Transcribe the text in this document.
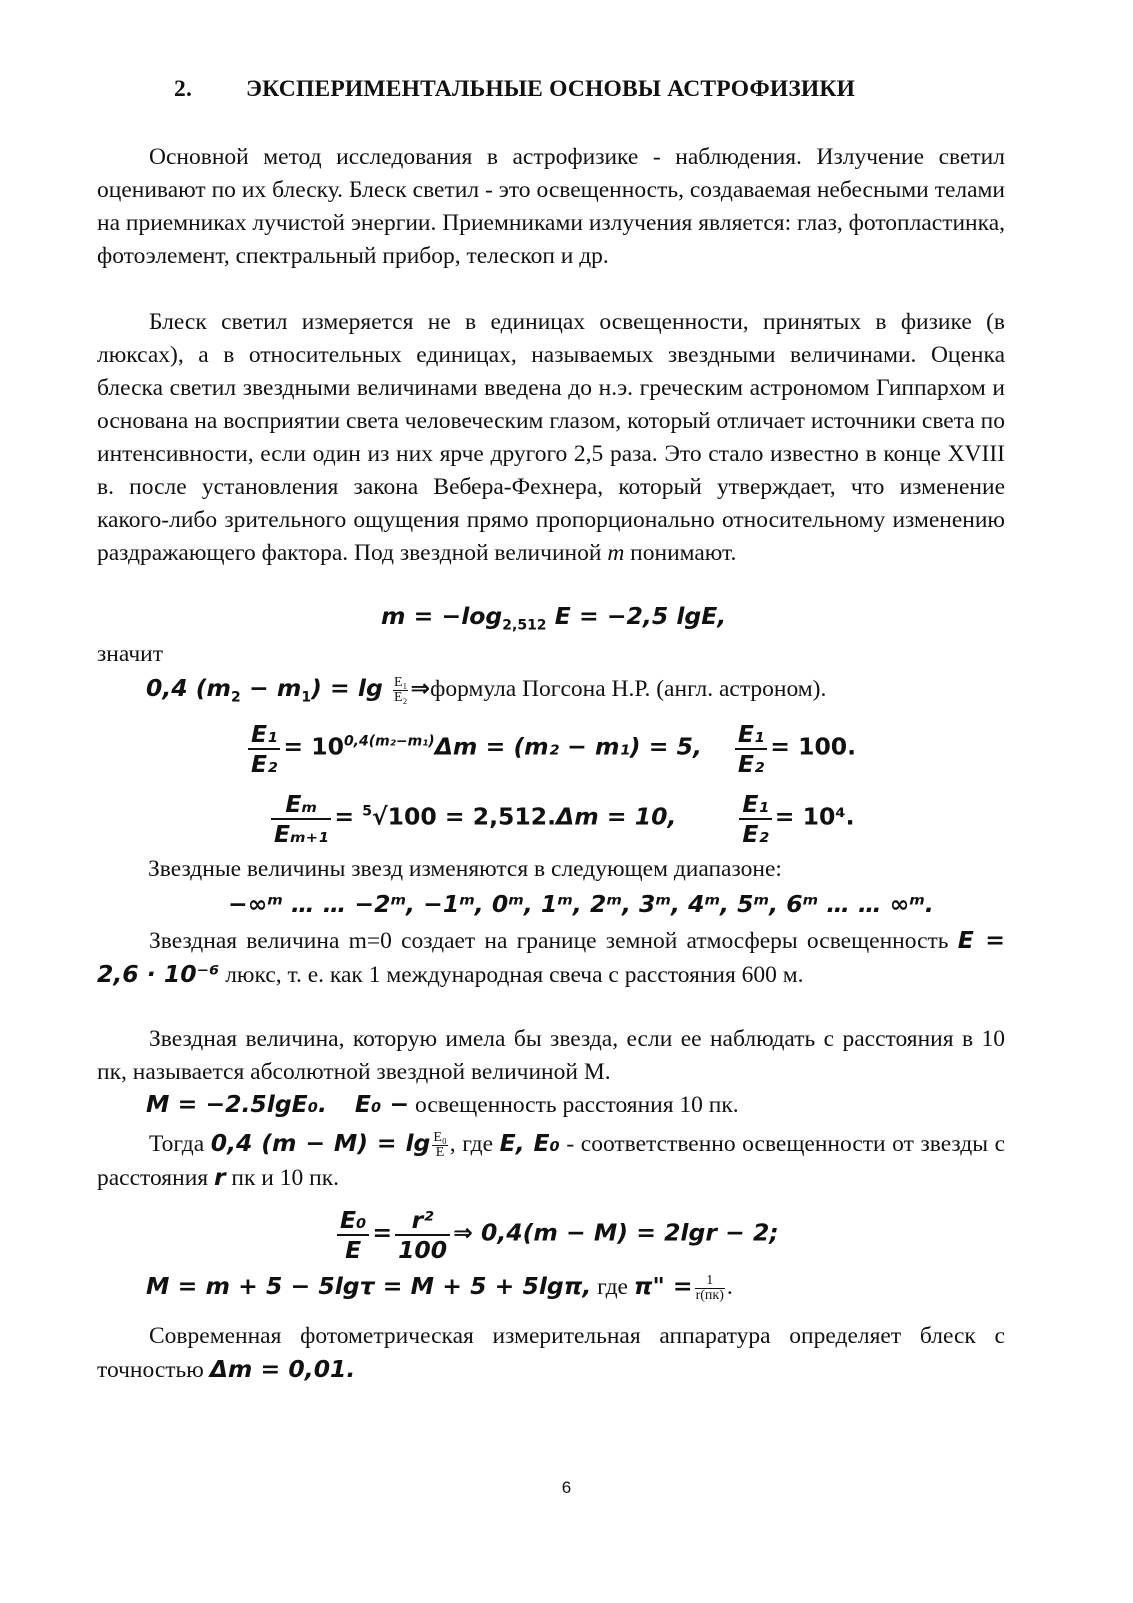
2. ЭКСПЕРИМЕНТАЛЬНЫЕ ОСНОВЫ АСТРОФИЗИКИ
Основной метод исследования в астрофизике - наблюдения. Излучение светил оценивают по их блеску. Блеск светил - это освещенность, создаваемая небесными телами на приемниках лучистой энергии. Приемниками излучения является: глаз, фотопластинка, фотоэлемент, спектральный прибор, телескоп и др.
Блеск светил измеряется не в единицах освещенности, принятых в физике (в люксах), а в относительных единицах, называемых звездными величинами. Оценка блеска светил звездными величинами введена до н.э. греческим астрономом Гиппархом и основана на восприятии света человеческим глазом, который отличает источники света по интенсивности, если один из них ярче другого 2,5 раза. Это стало известно в конце XVIII в. после установления закона Вебера-Фехнера, который утверждает, что изменение какого-либо зрительного ощущения прямо пропорционально относительному изменению раздражающего фактора. Под звездной величиной m понимают.
$m = -\log_{2,512}$ E = −2,5 lgE,
значит
0,4 $(m_2 - m_1) = \lg \frac{\text{E₁}}{\text{E₂}}$ ⇒формула Погсона Н.Р. (англ. астроном).
$\frac{\text{E₁}}{\text{E₂}} = 10^{0,4(m_2-m_1)}\Delta m = (m_2 - m_1) = 5$, $\frac{\text{E₁}}{\text{E₂}} = 100$.
$\frac{\text{Eₘ}}{\text{Eₘ₊₁}} = ^5√100 = 2,512.\Delta m = 10$,	$\frac{\text{E₁}}{\text{E₂}} = 10^4$.
Звездные величины звезд изменяются в следующем диапазоне:
−∞ᵐ … … −2ᵐ, −1ᵐ, 0ᵐ, 1ᵐ, 2ᵐ, 3ᵐ, 4ᵐ, 5ᵐ, 6ᵐ … … ∞ᵐ.
Звездная величина m=0 создает на границе земной атмосферы освещенность E = 2,6 · 10⁻⁶ люкс, т. е. как 1 международная свеча с расстояния 600 м.
Звездная величина, которую имела бы звезда, если ее наблюдать с расстояния в 10 пк, называется абсолютной звездной величиной М.
M = −2.5lgE₀. E₀ − освещенность расстояния 10 пк.
Тогда 0,4 $(m - M) = \lg \frac{\text{E₀}}{E}$ , где E, E₀ - соответственно освещенности от звезды с расстояния r пк и 10 пк.
$\frac{\text{E₀}}{E} = \frac{\text{r²}}{100}$ ⇒ 0,4(m − M) = 2lgr − 2;
M = m + 5 − 5lgτ = M + 5 + 5lgπ, где π" = 1
r(пк) .
Современная фотометрическая измерительная аппаратура определяет блеск с точностью Δm = 0,01.
6
